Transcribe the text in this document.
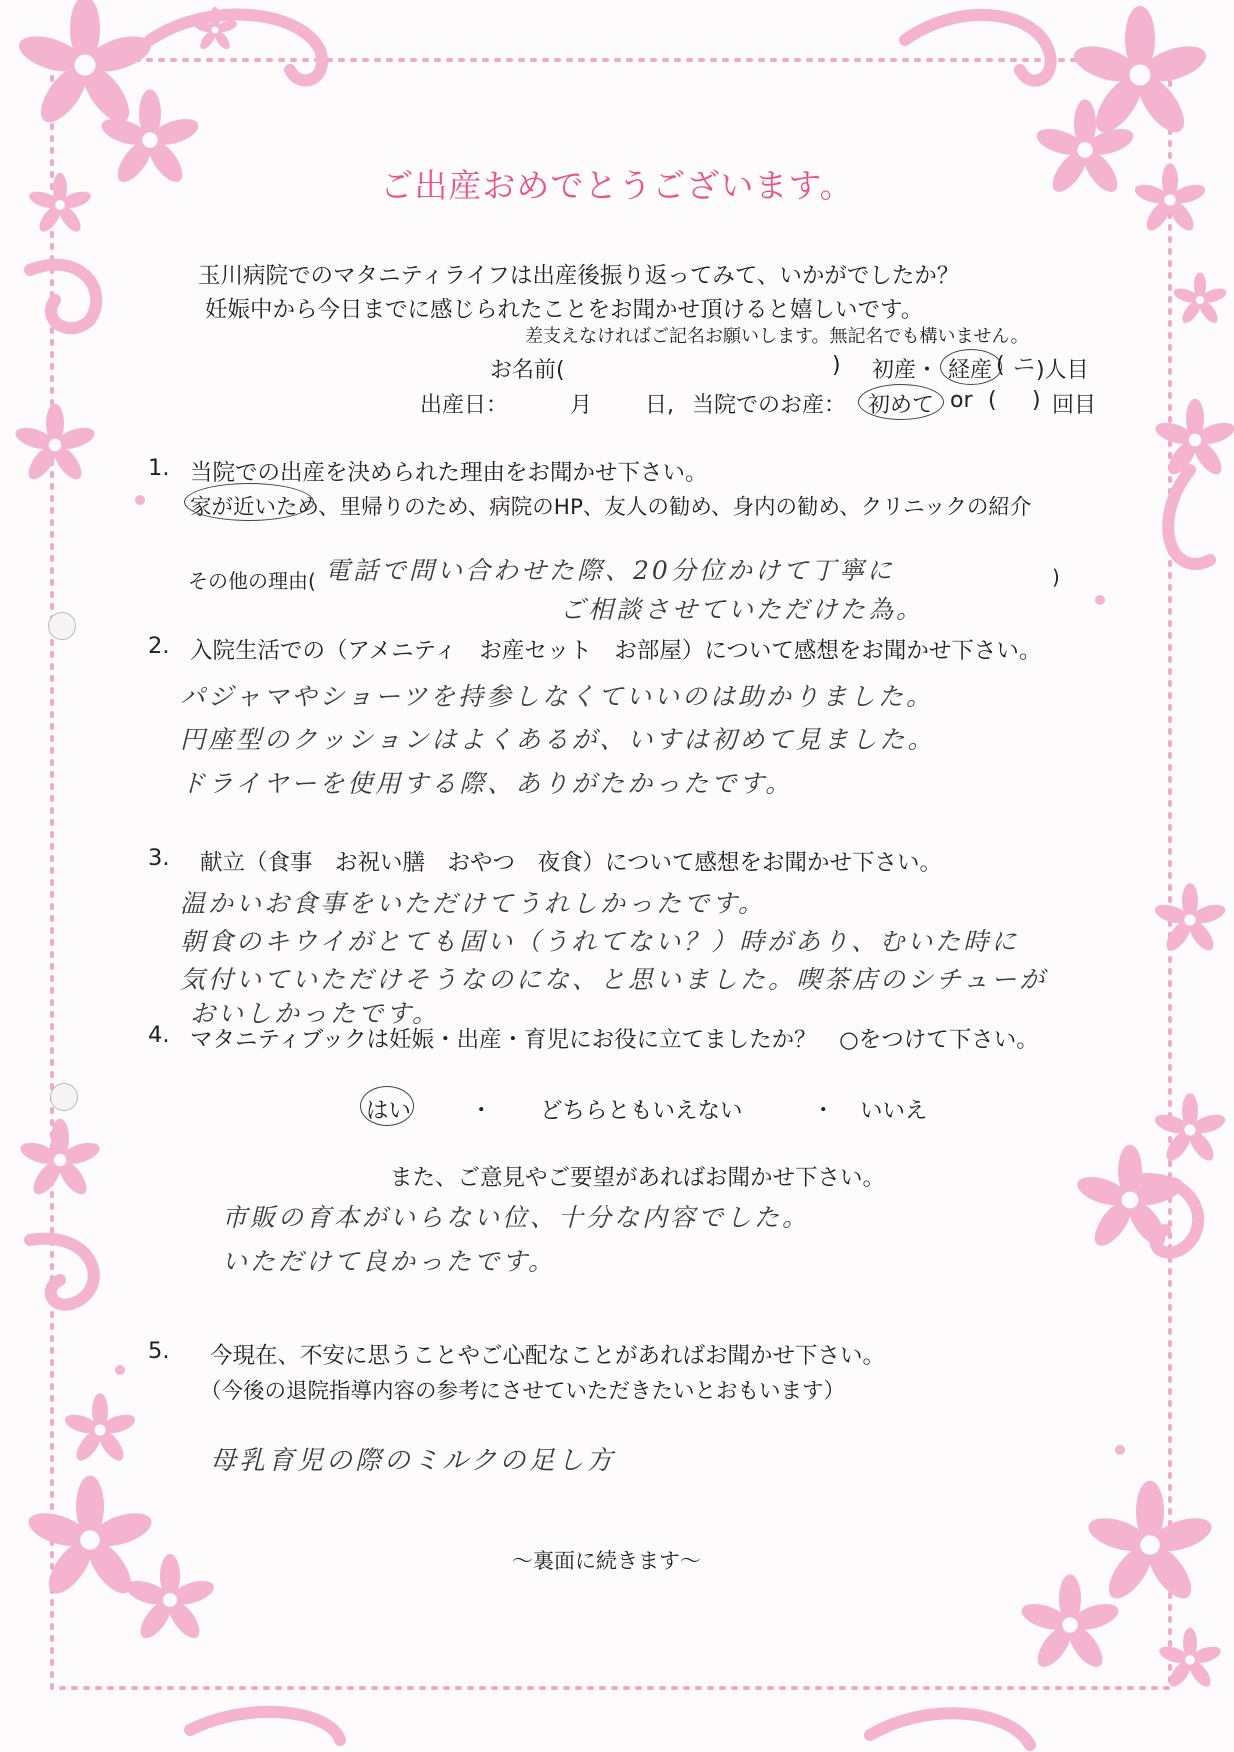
ご出産おめでとうございます。
玉川病院でのマタニティライフは出産後振り返ってみて、いかがでしたか？
妊娠中から今日までに感じられたことをお聞かせ頂けると嬉しいです。
差支えなければご記名お願いします。無記名でも構いません。
お名前(	) 初産・ 経産 ( ニ
)人目
出産日：	月 日, 当院でのお産： 初めて or ( ) 回目
1. 当院での出産を決められた理由をお聞かせ下さい。
家が近いため、里帰りのため、病院のHP、友人の勧め、身内の勧め、クリニックの紹介
その他の理由( 電話で問い合わせた際、20分位かけて丁寧に	)
ご相談させていただけた為。
2. 入院生活での（アメニティ　お産セット　お部屋）について感想をお聞かせ下さい。
パジャマやショーツを持参しなくていいのは助かりました。
円座型のクッションはよくあるが、いすは初めて見ました。
ドライヤーを使用する際、ありがたかったです。
3. 献立（食事　お祝い膳　おやつ　夜食）について感想をお聞かせ下さい。
温かいお食事をいただけてうれしかったです。
朝食のキウイがとても固い（うれてない？）時があり、むいた時に
気付いていただけそうなのにな、と思いました。喫茶店のシチューが
おいしかったです。
4. マタニティブックは妊娠・出産・育児にお役に立てましたか？　○をつけて下さい。
はい	・ どちらともいえない	・ いいえ
また、ご意見やご要望があればお聞かせ下さい。
市販の育本がいらない位、十分な内容でした。
いただけて良かったです。
5. 今現在、不安に思うことやご心配なことがあればお聞かせ下さい。
（今後の退院指導内容の参考にさせていただきたいとおもいます）
母乳育児の際のミルクの足し方
〜裏面に続きます〜
